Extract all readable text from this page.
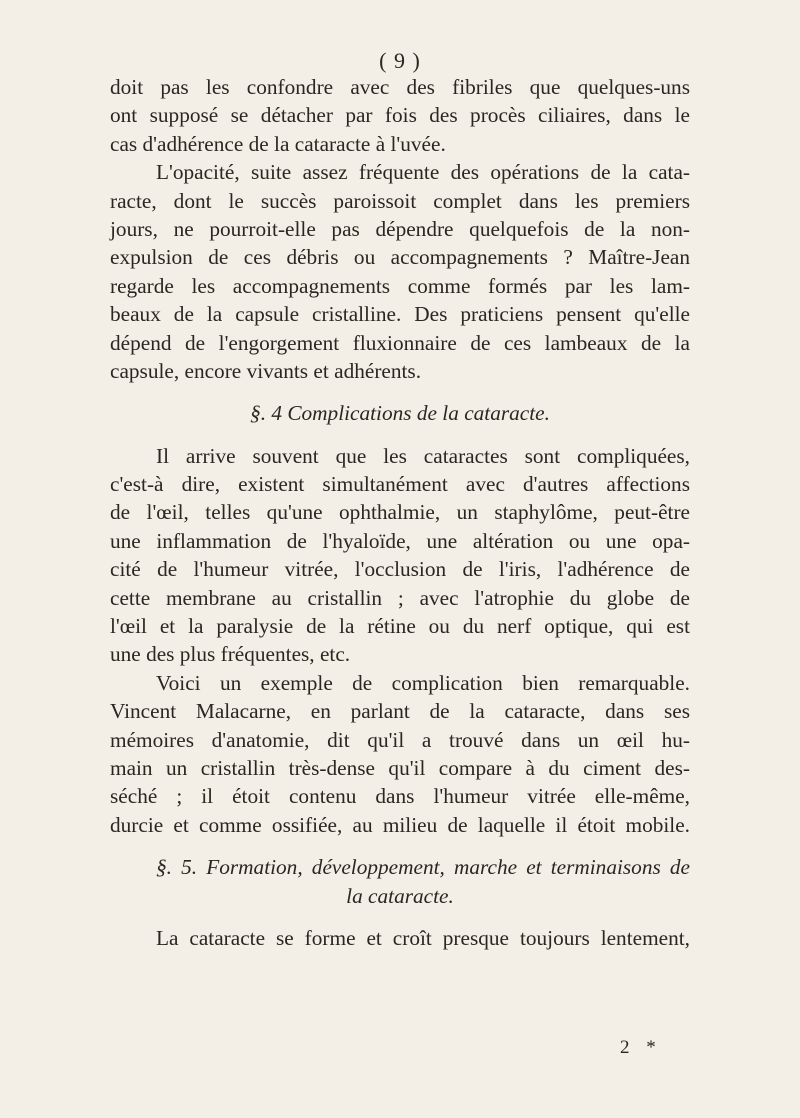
( 9 )
doit pas les confondre avec des fibriles que quelques-uns
ont supposé se détacher par fois des procès ciliaires, dans le
cas d'adhérence de la cataracte à l'uvée.
L'opacité, suite assez fréquente des opérations de la cata-
racte, dont le succès paroissoit complet dans les premiers
jours, ne pourroit-elle pas dépendre quelquefois de la non-
expulsion de ces débris ou accompagnements ? Maître-Jean
regarde les accompagnements comme formés par les lam-
beaux de la capsule cristalline. Des praticiens pensent qu'elle
dépend de l'engorgement fluxionnaire de ces lambeaux de la
capsule, encore vivants et adhérents.
§. 4 Complications de la cataracte.
Il arrive souvent que les cataractes sont compliquées,
c'est-à dire, existent simultanément avec d'autres affections
de l'œil, telles qu'une ophthalmie, un staphylôme, peut-être
une inflammation de l'hyaloïde, une altération ou une opa-
cité de l'humeur vitrée, l'occlusion de l'iris, l'adhérence de
cette membrane au cristallin ; avec l'atrophie du globe de
l'œil et la paralysie de la rétine ou du nerf optique, qui est
une des plus fréquentes, etc.
Voici un exemple de complication bien remarquable.
Vincent Malacarne, en parlant de la cataracte, dans ses
mémoires d'anatomie, dit qu'il a trouvé dans un œil hu-
main un cristallin très-dense qu'il compare à du ciment des-
séché ; il étoit contenu dans l'humeur vitrée elle-même,
durcie et comme ossifiée, au milieu de laquelle il étoit mobile.
§. 5. Formation, développement, marche et terminaisons de
la cataracte.
La cataracte se forme et croît presque toujours lentement,
2 *
